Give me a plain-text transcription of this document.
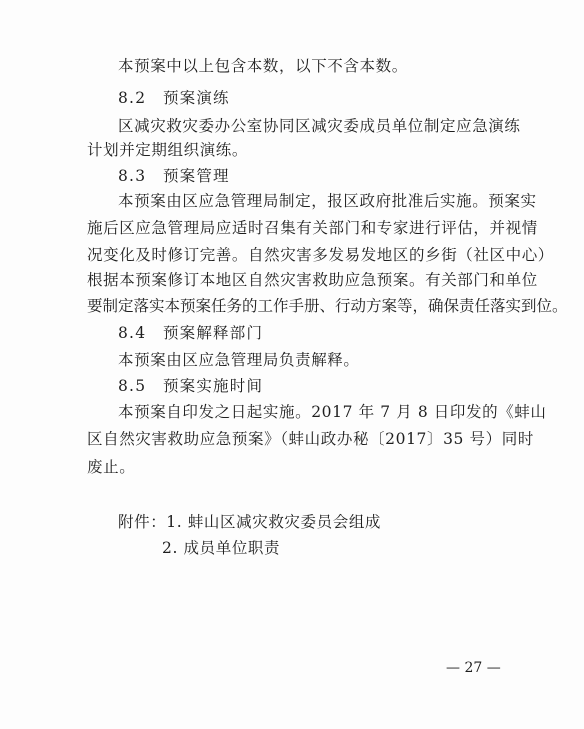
本预案中以上包含本数，以下不含本数。
8.2　预案演练
区减灾救灾委办公室协同区减灾委成员单位制定应急演练
计划并定期组织演练。
8.3　预案管理
本预案由区应急管理局制定，报区政府批准后实施。预案实
施后区应急管理局应适时召集有关部门和专家进行评估，并视情
况变化及时修订完善。自然灾害多发易发地区的乡街（社区中心）
根据本预案修订本地区自然灾害救助应急预案。有关部门和单位
要制定落实本预案任务的工作手册、行动方案等，确保责任落实到位。
8.4　预案解释部门
本预案由区应急管理局负责解释。
8.5　预案实施时间
本预案自印发之日起实施。2017 年 7 月 8 日印发的《蚌山
区自然灾害救助应急预案》（蚌山政办秘〔2017〕35 号）同时
废止。
附件：1. 蚌山区减灾救灾委员会组成
2. 成员单位职责
— 27 —
